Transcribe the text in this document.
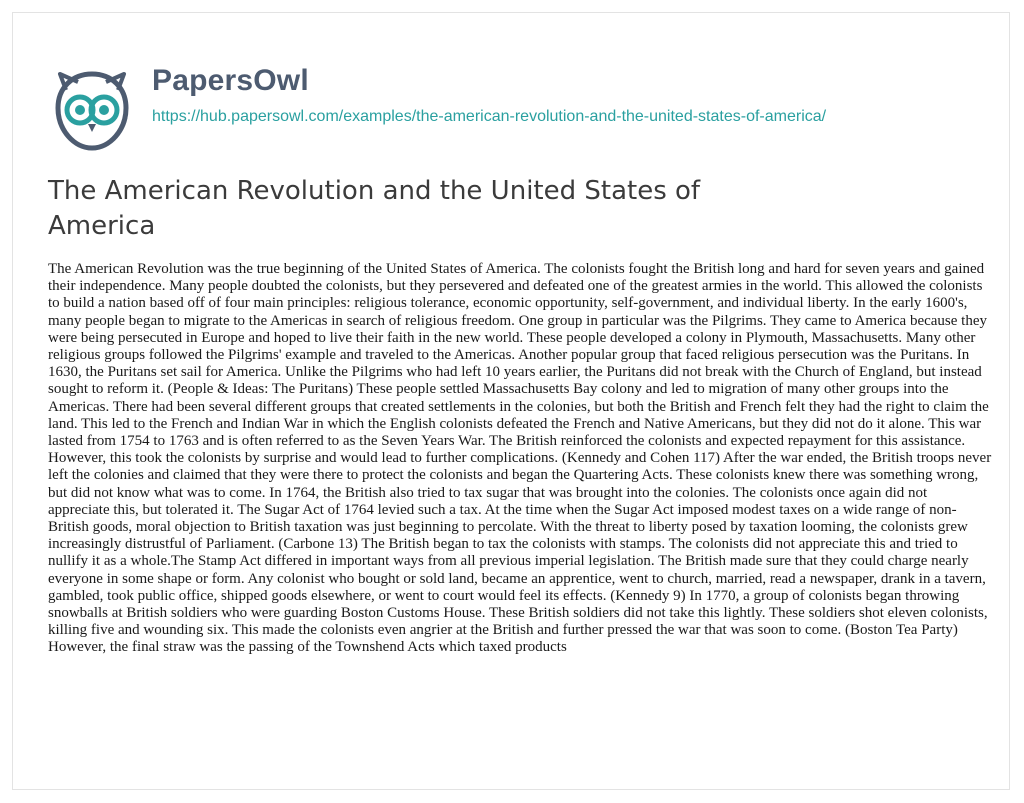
PapersOwl
https://hub.papersowl.com/examples/the-american-revolution-and-the-united-states-of-america/
The American Revolution and the United States of America

The American Revolution was the true beginning of the United States of America. The colonists fought the British long and hard for seven years and gained their independence. Many people doubted the colonists, but they persevered and defeated one of the greatest armies in the world. This allowed the colonists to build a nation based off of four main principles: religious tolerance, economic opportunity, self-government, and individual liberty. In the early 1600's, many people began to migrate to the Americas in search of religious freedom. One group in particular was the Pilgrims. They came to America because they were being persecuted in Europe and hoped to live their faith in the new world. These people developed a colony in Plymouth, Massachusetts. Many other religious groups followed the Pilgrims' example and traveled to the Americas. Another popular group that faced religious persecution was the Puritans. In 1630, the Puritans set sail for America. Unlike the Pilgrims who had left 10 years earlier, the Puritans did not break with the Church of England, but instead sought to reform it. (People & Ideas: The Puritans) These people settled Massachusetts Bay colony and led to migration of many other groups into the Americas. There had been several different groups that created settlements in the colonies, but both the British and French felt they had the right to claim the land. This led to the French and Indian War in which the English colonists defeated the French and Native Americans, but they did not do it alone. This war lasted from 1754 to 1763 and is often referred to as the Seven Years War. The British reinforced the colonists and expected repayment for this assistance. However, this took the colonists by surprise and would lead to further complications. (Kennedy and Cohen 117) After the war ended, the British troops never left the colonies and claimed that they were there to protect the colonists and began the Quartering Acts. These colonists knew there was something wrong, but did not know what was to come. In 1764, the British also tried to tax sugar that was brought into the colonies. The colonists once again did not appreciate this, but tolerated it. The Sugar Act of 1764 levied such a tax. At the time when the Sugar Act imposed modest taxes on a wide range of non-British goods, moral objection to British taxation was just beginning to percolate. With the threat to liberty posed by taxation looming, the colonists grew increasingly distrustful of Parliament. (Carbone 13) The British began to tax the colonists with stamps. The colonists did not appreciate this and tried to nullify it as a whole.The Stamp Act differed in important ways from all previous imperial legislation. The British made sure that they could charge nearly everyone in some shape or form. Any colonist who bought or sold land, became an apprentice, went to church, married, read a newspaper, drank in a tavern, gambled, took public office, shipped goods elsewhere, or went to court would feel its effects. (Kennedy 9) In 1770, a group of colonists began throwing snowballs at British soldiers who were guarding Boston Customs House. These British soldiers did not take this lightly. These soldiers shot eleven colonists, killing five and wounding six. This made the colonists even angrier at the British and further pressed the war that was soon to come. (Boston Tea Party) However, the final straw was the passing of the Townshend Acts which taxed products
